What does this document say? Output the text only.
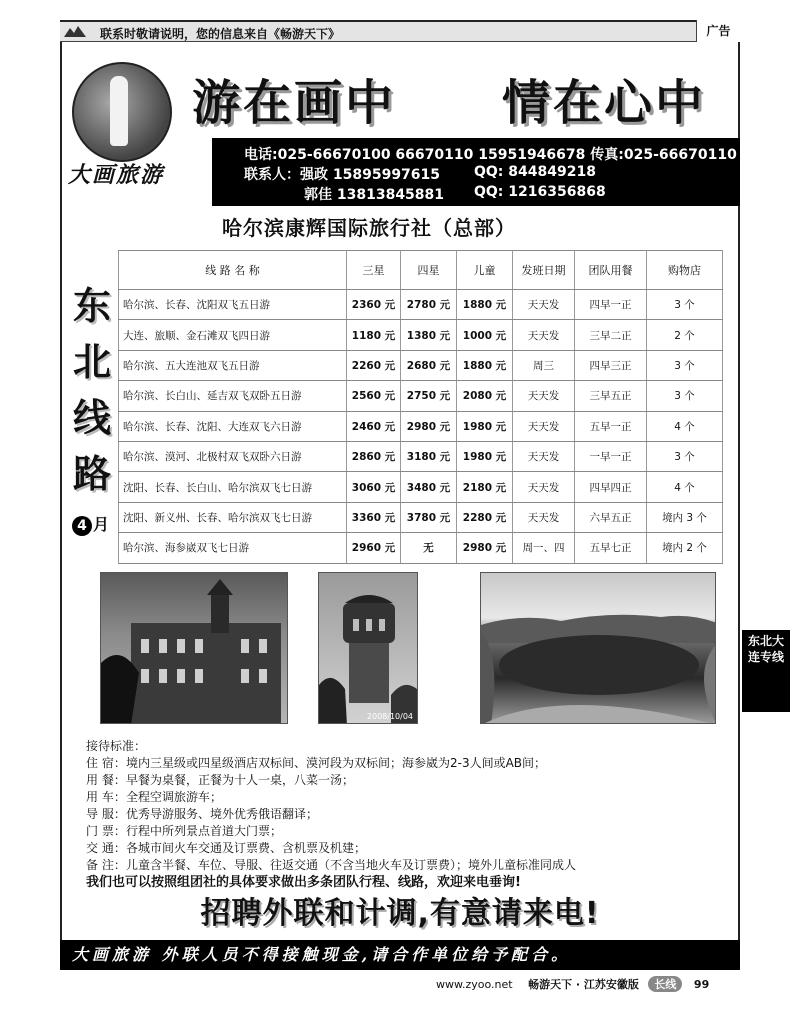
联系时敬请说明，您的信息来自《畅游天下》	广告
大画旅游
游在画中 情在心中
电话:025-66670100 66670110 15951946678 传真:025-66670110
联系人：强政 15895997615 QQ: 844849218
郭佳 13813845881 QQ: 1216356868
哈尔滨康辉国际旅行社（总部）
东
北
线
路
4 月
线 路 名 称	三星	四星	儿童	发班日期	团队用餐	购物店
哈尔滨、长春、沈阳双飞五日游	2360 元	2780 元	1880 元	天天发	四早一正	3 个
大连、旅顺、金石滩双飞四日游	1180 元	1380 元	1000 元	天天发	三早二正	2 个
哈尔滨、五大连池双飞五日游	2260 元	2680 元	1880 元	周三	四早三正	3 个
哈尔滨、长白山、延吉双飞双卧五日游	2560 元	2750 元	2080 元	天天发	三早五正	3 个
哈尔滨、长春、沈阳、大连双飞六日游	2460 元	2980 元	1980 元	天天发	五早一正	4 个
哈尔滨、漠河、北极村双飞双卧六日游	2860 元	3180 元	1980 元	天天发	一早一正	3 个
沈阳、长春、长白山、哈尔滨双飞七日游	3060 元	3480 元	2180 元	天天发	四早四正	4 个
沈阳、新义州、长春、哈尔滨双飞七日游	3360 元	3780 元	2280 元	天天发	六早五正	境内 3 个
哈尔滨、海参崴双飞七日游	2960 元	无	2980 元	周一、四	五早七正	境内 2 个
2008/10/04
东北大
连专线
接待标准：
住 宿：境内三星级或四星级酒店双标间、漠河段为双标间；海参崴为2-3人间或AB间；
用 餐：早餐为桌餐，正餐为十人一桌，八菜一汤；
用 车：全程空调旅游车；
导 服：优秀导游服务、境外优秀俄语翻译；
门 票：行程中所列景点首道大门票；
交 通：各城市间火车交通及订票费、含机票及机建；
备 注：儿童含半餐、车位、导服、往返交通（不含当地火车及订票费）；境外儿童标准同成人
我们也可以按照组团社的具体要求做出多条团队行程、线路，欢迎来电垂询!
招聘外联和计调,有意请来电!
大画旅游 外联人员不得接触现金,请合作单位给予配合。
www.zyoo.net 畅游天下 · 江苏安徽版 长线 99
